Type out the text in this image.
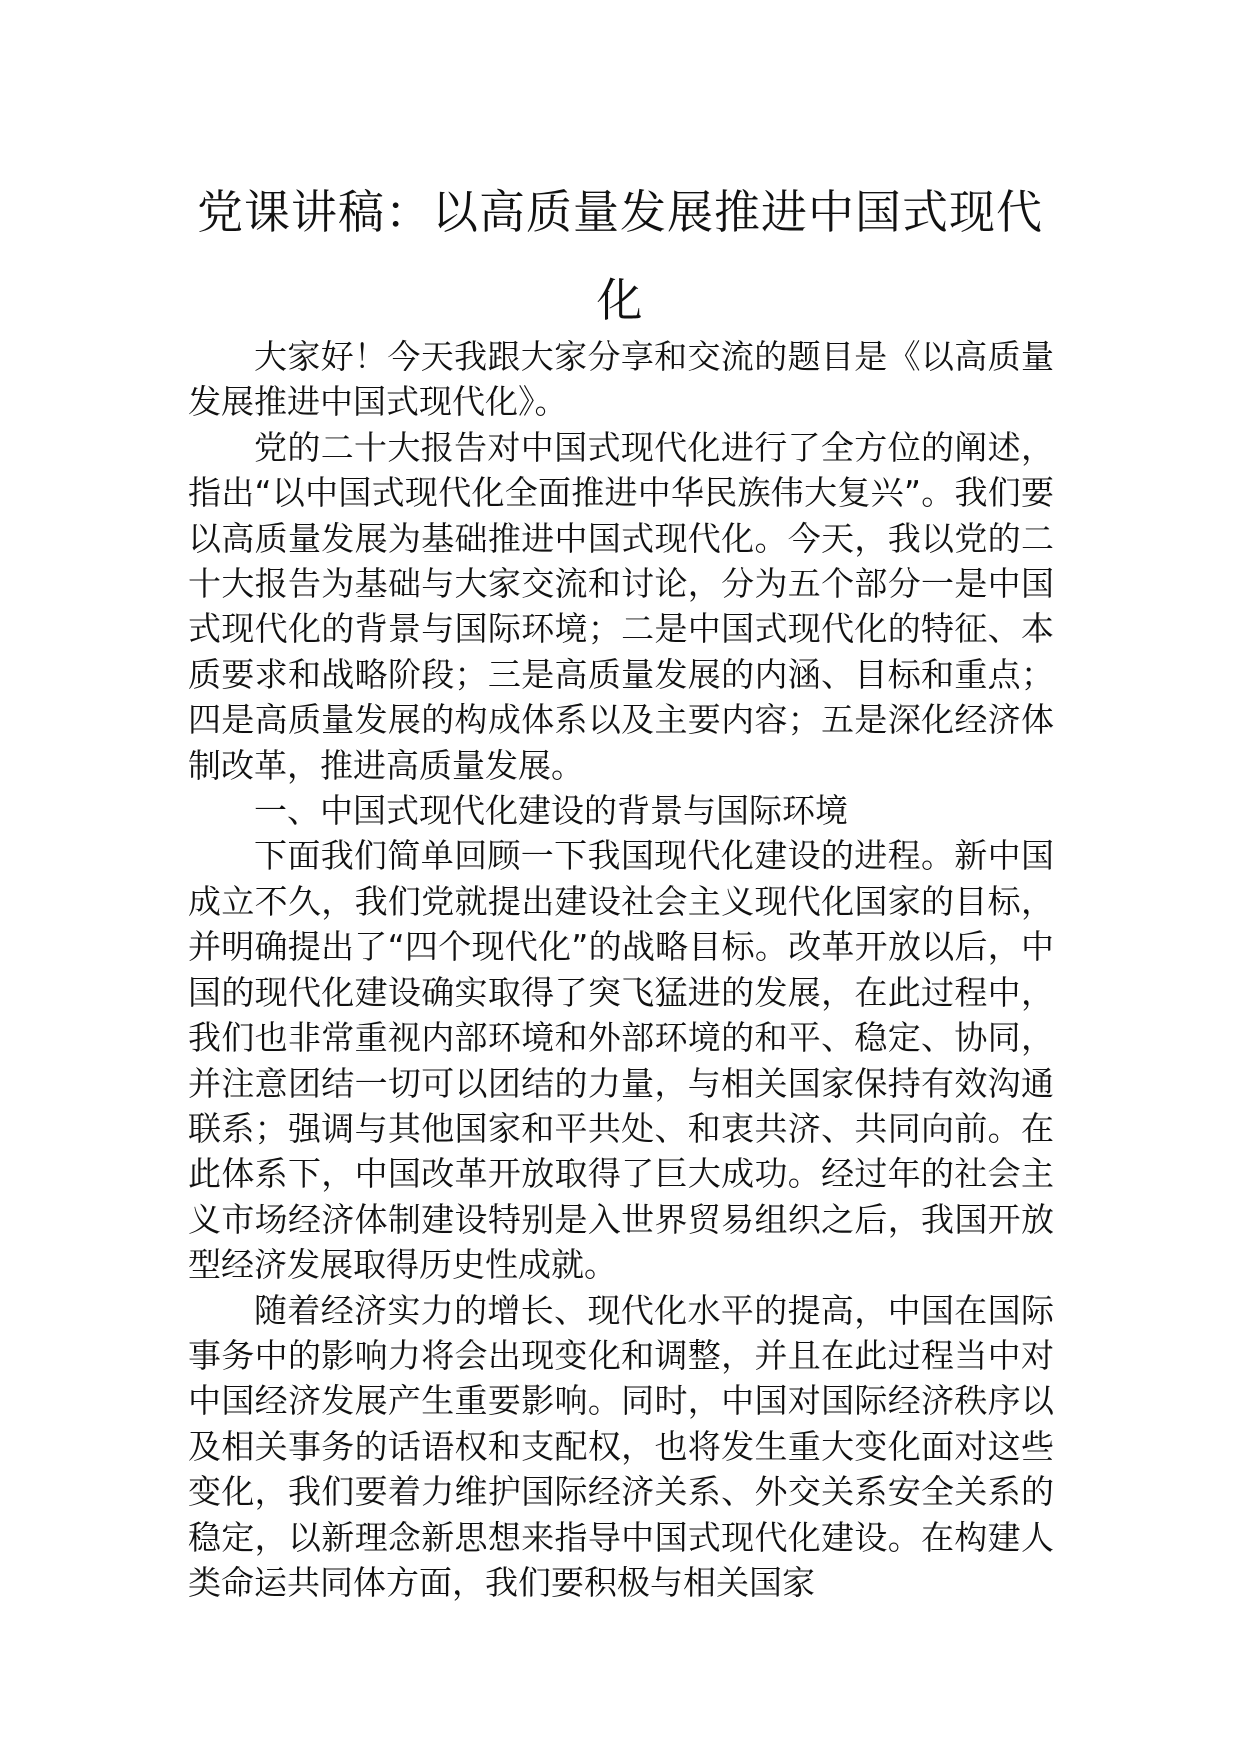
党课讲稿：以高质量发展推进中国式现代化

大家好！今天我跟大家分享和交流的题目是《以高质量发展推进中国式现代化》。

党的二十大报告对中国式现代化进行了全方位的阐述，指出“以中国式现代化全面推进中华民族伟大复兴”。我们要以高质量发展为基础推进中国式现代化。今天，我以党的二十大报告为基础与大家交流和讨论，分为五个部分一是中国式现代化的背景与国际环境；二是中国式现代化的特征、本质要求和战略阶段；三是高质量发展的内涵、目标和重点；四是高质量发展的构成体系以及主要内容；五是深化经济体制改革，推进高质量发展。

一、中国式现代化建设的背景与国际环境

下面我们简单回顾一下我国现代化建设的进程。新中国成立不久，我们党就提出建设社会主义现代化国家的目标，并明确提出了“四个现代化”的战略目标。改革开放以后，中国的现代化建设确实取得了突飞猛进的发展，在此过程中，我们也非常重视内部环境和外部环境的和平、稳定、协同，并注意团结一切可以团结的力量，与相关国家保持有效沟通联系；强调与其他国家和平共处、和衷共济、共同向前。在此体系下，中国改革开放取得了巨大成功。经过年的社会主义市场经济体制建设特别是入世界贸易组织之后，我国开放型经济发展取得历史性成就。

随着经济实力的增长、现代化水平的提高，中国在国际事务中的影响力将会出现变化和调整，并且在此过程当中对中国经济发展产生重要影响。同时，中国对国际经济秩序以及相关事务的话语权和支配权，也将发生重大变化面对这些变化，我们要着力维护国际经济关系、外交关系安全关系的稳定，以新理念新思想来指导中国式现代化建设。在构建人类命运共同体方面，我们要积极与相关国家
